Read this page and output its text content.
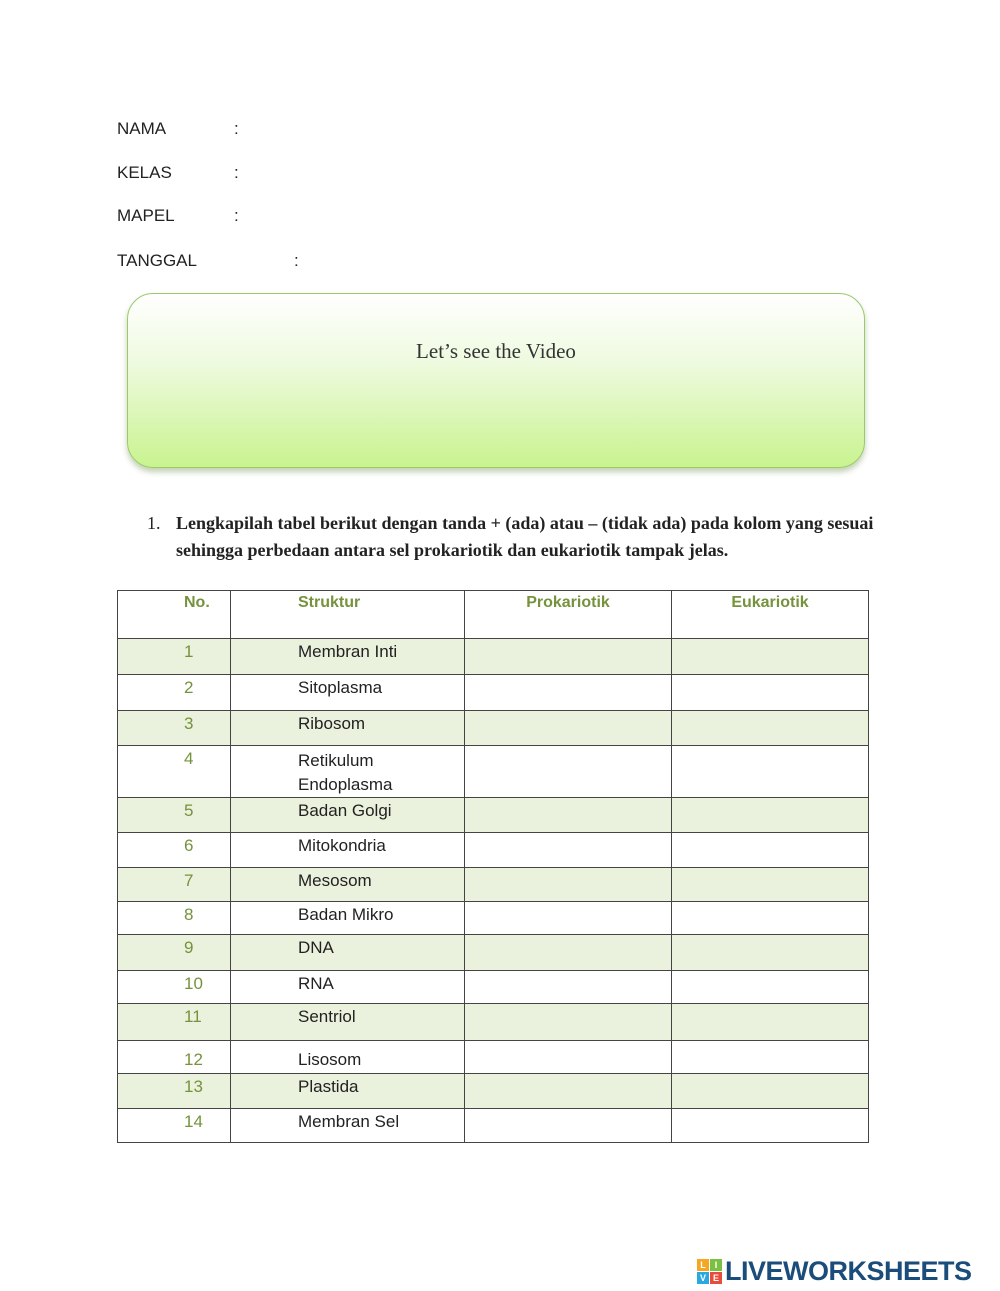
NAMA	:
KELAS	:
MAPEL	:
TANGGAL	:
Let’s see the Video
1. Lengkapilah tabel berikut dengan tanda + (ada) atau – (tidak ada) pada kolom yang sesuai sehingga perbedaan antara sel prokariotik dan eukariotik tampak jelas.
No.	Struktur	Prokariotik	Eukariotik
1	Membran Inti		
2	Sitoplasma		
3	Ribosom		
4	Retikulum Endoplasma		
5	Badan Golgi		
6	Mitokondria		
7	Mesosom		
8	Badan Mikro		
9	DNA		
10	RNA		
11	Sentriol		
12	Lisosom		
13	Plastida		
14	Membran Sel		
L I
V E LIVEWORKSHEETS
